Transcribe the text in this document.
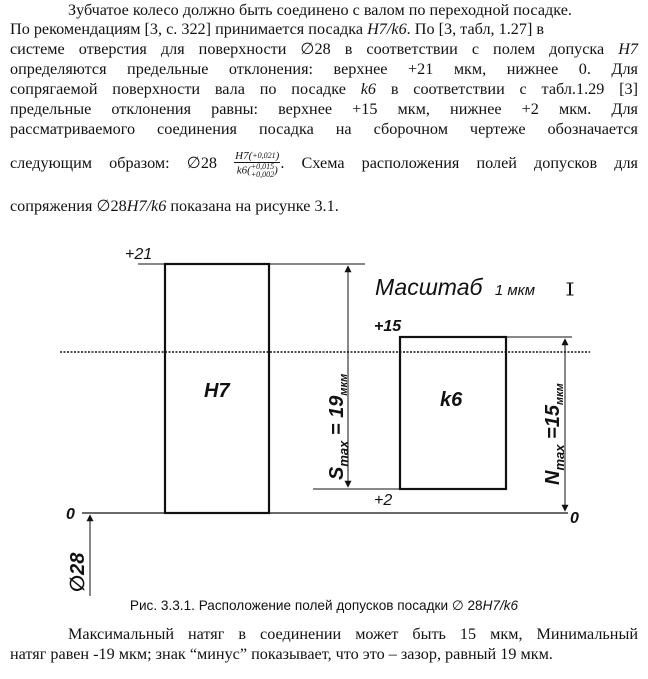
Зубчатое колесо должно быть соединено с валом по переходной посадке.
По рекомендациям [3, с. 322] принимается посадка H7/k6. По [3, табл, 1.27] в
системе отверстия для поверхности ∅28 в соответствии с полем допуска H7
определяются предельные отклонения: верхнее +21 мкм, нижнее 0. Для
сопрягаемой поверхности вала по посадке k6 в соответствии с табл.1.29 [3]
предельные отклонения равны: верхнее +15 мкм, нижнее +2 мкм. Для
рассматриваемого соединения посадка на сборочном чертеже обозначается
следующим образом: ∅28 H7( +0,021 )
k6( +0,015
+0,002 ) . Схема расположения полей допусков для
сопряжения ∅28H7/k6 показана на рисунке 3.1.
H7	k6
+21
+15
+2
0	0
Масштаб 1 мкм
$S_{max} = 19_{мкм}$
$N_{max} =15_{мкм}$
∅28
Рис. 3.3.1. Расположение полей допусков посадки ∅ 28H7/k6
Максимальный натяг в соединении может быть 15 мкм, Минимальный
натяг равен -19 мкм; знак “минус” показывает, что это – зазор, равный 19 мкм.
